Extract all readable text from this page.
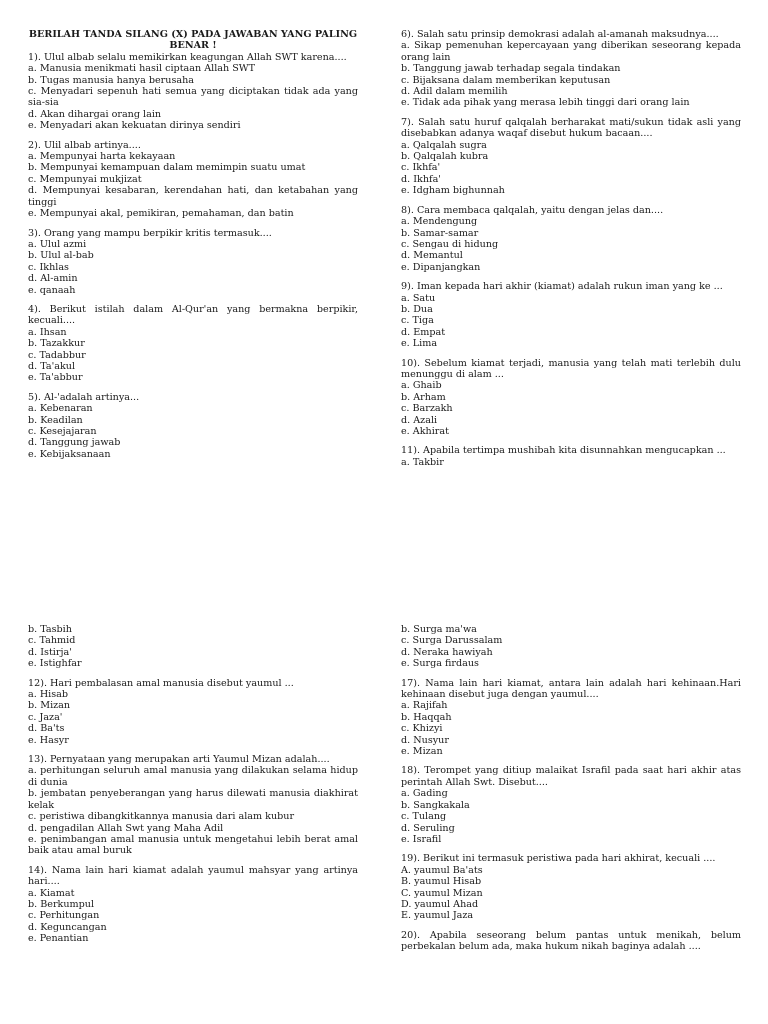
BERILAH TANDA SILANG (X) PADA JAWABAN YANG PALING BENAR !

1). Ulul albab selalu memikirkan keagungan Allah SWT karena....

a. Manusia menikmati hasil ciptaan Allah SWT

b. Tugas manusia hanya berusaha

c. Menyadari sepenuh hati semua yang diciptakan tidak ada yang sia-sia

d. Akan dihargai orang lain

e. Menyadari akan kekuatan dirinya sendiri

2). Ulil albab artinya....

a. Mempunyai harta kekayaan

b. Mempunyai kemampuan dalam memimpin suatu umat

c. Mempunyai mukjizat

d. Mempunyai kesabaran, kerendahan hati, dan ketabahan yang tinggi

e. Mempunyai akal, pemikiran, pemahaman, dan batin

3). Orang yang mampu berpikir kritis termasuk....

a. Ulul azmi

b. Ulul al-bab

c. Ikhlas

d. Al-amin

e. qanaah

4). Berikut istilah dalam Al-Qur'an yang bermakna berpikir, kecuali....

a. Ihsan

b. Tazakkur

c. Tadabbur

d. Ta'akul

e. Ta'abbur

5). Al-'adalah artinya...

a. Kebenaran

b. Keadilan

c. Kesejajaran

d. Tanggung jawab

e. Kebijaksanaan

6). Salah satu prinsip demokrasi adalah al-amanah maksudnya....

a. Sikap pemenuhan kepercayaan yang diberikan seseorang kepada orang lain

b. Tanggung jawab terhadap segala tindakan

c. Bijaksana dalam memberikan keputusan

d. Adil dalam memilih

e. Tidak ada pihak yang merasa lebih tinggi dari orang lain

7). Salah satu huruf qalqalah berharakat mati/sukun tidak asli yang disebabkan adanya waqaf disebut hukum bacaan....

a. Qalqalah sugra

b. Qalqalah kubra

c. Ikhfa'

d. Ikhfa'

e. Idgham bighunnah

8). Cara membaca qalqalah, yaitu dengan jelas dan....

a. Mendengung

b. Samar-samar

c. Sengau di hidung

d. Memantul

e. Dipanjangkan

9). Iman kepada hari akhir (kiamat) adalah rukun iman yang ke ...

a. Satu

b. Dua

c. Tiga

d. Empat

e. Lima

10). Sebelum kiamat terjadi, manusia yang telah mati terlebih dulu menunggu di alam ...

a. Ghaib

b. Arham

c. Barzakh

d. Azali

e. Akhirat

11). Apabila tertimpa mushibah kita disunnahkan mengucapkan ...

a. Takbir

b. Tasbih

c. Tahmid

d. Istirja'

e. Istighfar

12). Hari pembalasan amal manusia disebut yaumul ...

a. Hisab

b. Mizan

c. Jaza'

d. Ba'ts

e. Hasyr

13). Pernyataan yang merupakan arti Yaumul Mizan adalah....

a. perhitungan seluruh amal manusia yang dilakukan selama hidup di dunia

b. jembatan penyeberangan yang harus dilewati manusia diakhirat kelak

c. peristiwa dibangkitkannya manusia dari alam kubur

d. pengadilan Allah Swt yang Maha Adil

e. penimbangan amal manusia untuk mengetahui lebih berat amal baik atau amal buruk

14). Nama lain hari kiamat adalah yaumul mahsyar yang artinya hari....

a. Kiamat

b. Berkumpul

c. Perhitungan

d. Keguncangan

e. Penantian

b. Surga ma'wa

c. Surga Darussalam

d. Neraka hawiyah

e. Surga firdaus

17). Nama lain hari kiamat, antara lain adalah hari kehinaan.Hari kehinaan disebut juga dengan yaumul....

a. Rajifah

b. Haqqah

c. Khizyi

d. Nusyur

e. Mizan

18). Terompet yang ditiup malaikat Israfil pada saat hari akhir atas perintah Allah Swt. Disebut....

a. Gading

b. Sangkakala

c. Tulang

d. Seruling

e. Israfil

19). Berikut ini termasuk peristiwa pada hari akhirat, kecuali ....

A. yaumul Ba'ats

B. yaumul Hisab

C. yaumul Mizan

D. yaumul Ahad

E. yaumul Jaza

20). Apabila seseorang belum pantas untuk menikah, belum perbekalan belum ada, maka hukum nikah baginya adalah ....
